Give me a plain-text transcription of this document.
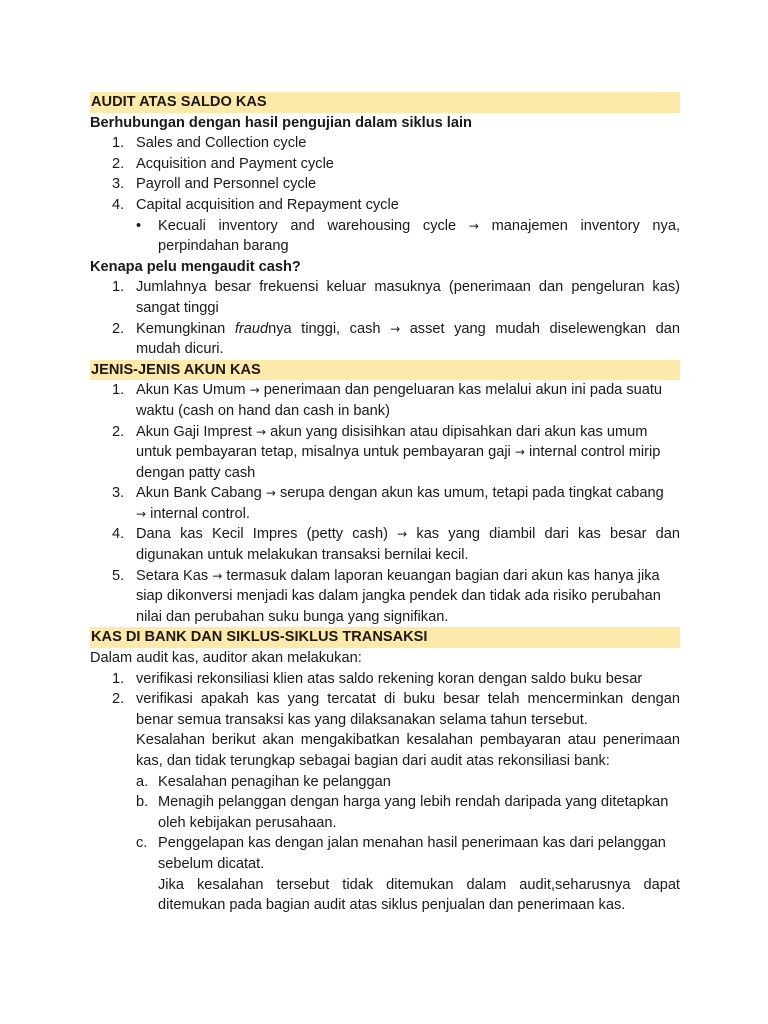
AUDIT ATAS SALDO KAS
Berhubungan dengan hasil pengujian dalam siklus lain
1. Sales and Collection cycle
2. Acquisition and Payment cycle
3. Payroll and Personnel cycle
4. Capital acquisition and Repayment cycle
• Kecuali inventory and warehousing cycle → manajemen inventory nya,
perpindahan barang
Kenapa pelu mengaudit cash?
1. Jumlahnya besar frekuensi keluar masuknya (penerimaan dan pengeluran kas)
sangat tinggi
2. Kemungkinan fraudnya tinggi, cash → asset yang mudah diselewengkan dan
mudah dicuri.
JENIS-JENIS AKUN KAS
1. Akun Kas Umum → penerimaan dan pengeluaran kas melalui akun ini pada suatu
waktu (cash on hand dan cash in bank)
2. Akun Gaji Imprest → akun yang disisihkan atau dipisahkan dari akun kas umum
untuk pembayaran tetap, misalnya untuk pembayaran gaji → internal control mirip
dengan patty cash
3. Akun Bank Cabang → serupa dengan akun kas umum, tetapi pada tingkat cabang
→ internal control.
4. Dana kas Kecil Impres (petty cash) → kas yang diambil dari kas besar dan
digunakan untuk melakukan transaksi bernilai kecil.
5. Setara Kas → termasuk dalam laporan keuangan bagian dari akun kas hanya jika
siap dikonversi menjadi kas dalam jangka pendek dan tidak ada risiko perubahan
nilai dan perubahan suku bunga yang signifikan.
KAS DI BANK DAN SIKLUS-SIKLUS TRANSAKSI
Dalam audit kas, auditor akan melakukan:
1. verifikasi rekonsiliasi klien atas saldo rekening koran dengan saldo buku besar
2. verifikasi apakah kas yang tercatat di buku besar telah mencerminkan dengan
benar semua transaksi kas yang dilaksanakan selama tahun tersebut.
Kesalahan berikut akan mengakibatkan kesalahan pembayaran atau penerimaan
kas, dan tidak terungkap sebagai bagian dari audit atas rekonsiliasi bank:
a. Kesalahan penagihan ke pelanggan
b. Menagih pelanggan dengan harga yang lebih rendah daripada yang ditetapkan
oleh kebijakan perusahaan.
c. Penggelapan kas dengan jalan menahan hasil penerimaan kas dari pelanggan
sebelum dicatat.
Jika kesalahan tersebut tidak ditemukan dalam audit,seharusnya dapat
ditemukan pada bagian audit atas siklus penjualan dan penerimaan kas.
